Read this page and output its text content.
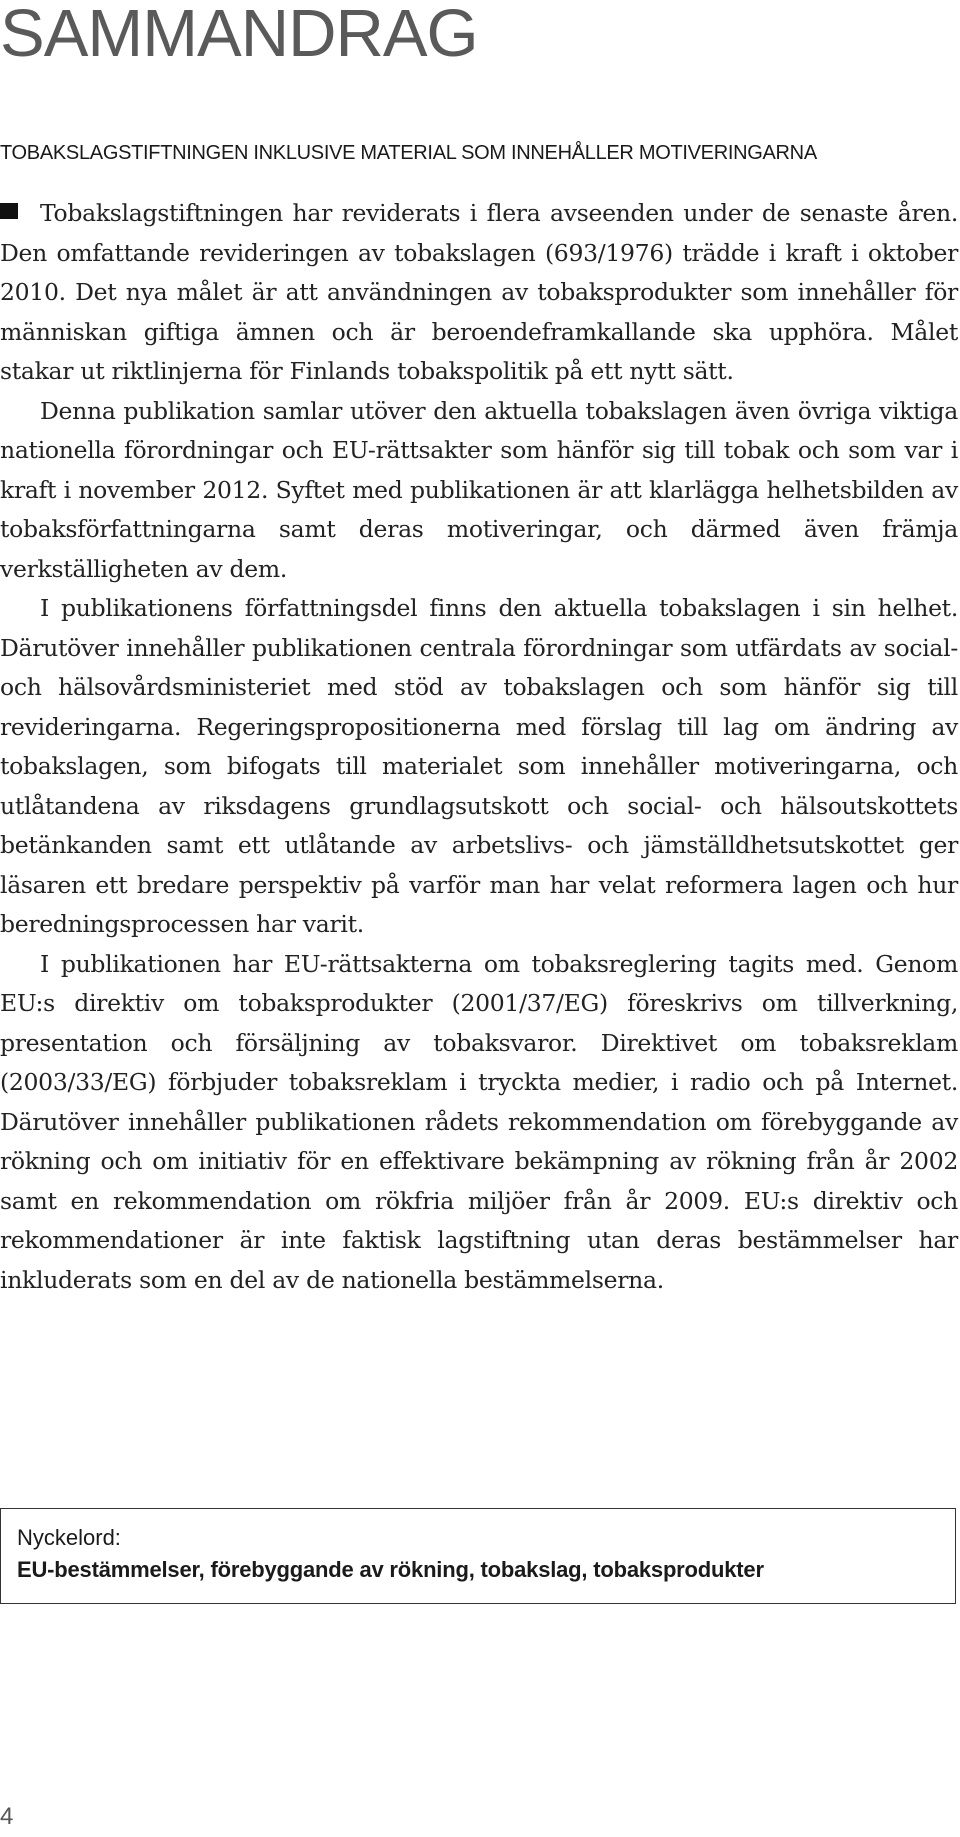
SAMMANDRAG
TOBAKSLAGSTIFTNINGEN INKLUSIVE MATERIAL SOM INNEHÅLLER MOTIVERINGARNA

Tobakslagstiftningen har reviderats i flera avseenden under de senaste åren. Den omfattande revideringen av tobakslagen (693/1976) trädde i kraft i oktober 2010. Det nya målet är att användningen av tobaksprodukter som innehåller för människan giftiga ämnen och är beroendeframkallande ska upphöra. Målet stakar ut riktlinjerna för Finlands tobakspolitik på ett nytt sätt.

Denna publikation samlar utöver den aktuella tobakslagen även övriga viktiga nationella förordningar och EU-rättsakter som hänför sig till tobak och som var i kraft i november 2012. Syftet med publikationen är att klarlägga helhetsbilden av tobaksförfattningarna samt deras motiveringar, och därmed även främja verkställigheten av dem.

I publikationens författningsdel finns den aktuella tobakslagen i sin helhet. Därutöver innehåller publikationen centrala förordningar som utfärdats av social- och hälsovårdsministeriet med stöd av tobakslagen och som hänför sig till revideringarna. Regeringspropositionerna med förslag till lag om ändring av tobakslagen, som bifogats till materialet som innehåller motiveringarna, och utlåtandena av riksdagens grundlagsutskott och social- och hälsoutskottets betänkanden samt ett utlåtande av arbetslivs- och jämställdhetsutskottet ger läsaren ett bredare perspektiv på varför man har velat reformera lagen och hur beredningsprocessen har varit.

I publikationen har EU-rättsakterna om tobaksreglering tagits med. Genom EU:s direktiv om tobaksprodukter (2001/37/EG) föreskrivs om tillverkning, presentation och försäljning av tobaksvaror. Direktivet om tobaksreklam (2003/33/EG) förbjuder tobaksreklam i tryckta medier, i radio och på Internet. Därutöver innehåller publikationen rådets rekommendation om förebyggande av rökning och om initiativ för en effektivare bekämpning av rökning från år 2002 samt en rekommendation om rökfria miljöer från år 2009. EU:s direktiv och rekommendationer är inte faktisk lagstiftning utan deras bestämmelser har inkluderats som en del av de nationella bestämmelserna.

Nyckelord:
EU-bestämmelser, förebyggande av rökning, tobakslag, tobaksprodukter
4
